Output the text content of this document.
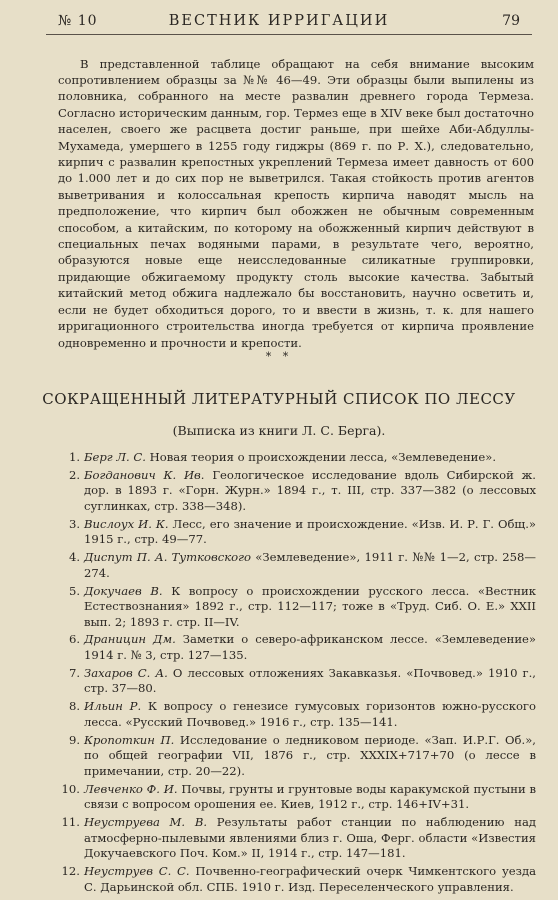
№ 10	ВЕСТНИК ИРРИГАЦИИ	79

В представленной таблице обращают на себя внимание высоким сопротивлением образцы за №№ 46—49. Эти образцы были выпилены из половника, собранного на месте развалин древнего города Термеза. Согласно историческим данным, гор. Термез еще в XIV веке был достаточно населен, своего же расцвета достиг раньше, при шейхе Аби-Абдуллы-Мухамеда, умершего в 1255 году гиджры (869 г. по Р. Х.), следовательно, кирпич с развалин крепостных укреплений Термеза имеет давность от 600 до 1.000 лет и до сих пор не выветрился. Такая стойкость против агентов выветривания и колоссальная крепость кирпича наводят мысль на предположение, что кирпич был обожжен не обычным современным способом, а китайским, по которому на обожженный кирпич действуют в специальных печах водяными парами, в результате чего, вероятно, образуются новые еще неисследованные силикатные группировки, придающие обжигаемому продукту столь высокие качества. Забытый китайский метод обжига надлежало бы восстановить, научно осветить и, если не будет обходиться дорого, то и ввести в жизнь, т. к. для нашего ирригационного строительства иногда требуется от кирпича проявление одновременно и прочности и крепости.

* *
СОКРАЩЕННЫЙ ЛИТЕРАТУРНЫЙ СПИСОК ПО ЛЕССУ
(Выписка из книги Л. С. Берга).
1. Берг Л. С. Новая теория о происхождении лесса, «Землеведение».
2. Богданович К. Ив. Геологическое исследование вдоль Сибирской ж. дор. в 1893 г. «Горн. Журн.» 1894 г., т. III, стр. 337—382 (о лессовых суглинках, стр. 338—348).
3. Вислоух И. К. Лесс, его значение и происхождение. «Изв. И. Р. Г. Общ.» 1915 г., стр. 49—77.
4. Диспут П. А. Тутковского «Землеведение», 1911 г. №№ 1—2, стр. 258—274.
5. Докучаев В. К вопросу о происхождении русского лесса. «Вестник Естествознания» 1892 г., стр. 112—117; тоже в «Труд. Сиб. О. Е.» XXII вып. 2; 1893 г. стр. II—IV.
6. Драницин Дм. Заметки о северо-африканском лессе. «Землеведение» 1914 г. № 3, стр. 127—135.
7. Захаров С. А. О лессовых отложениях Закавказья. «Почвовед.» 1910 г., стр. 37—80.
8. Ильин Р. К вопросу о генезисе гумусовых горизонтов южно-русского лесса. «Русский Почвовед.» 1916 г., стр. 135—141.
9. Кропоткин П. Исследование о ледниковом периоде. «Зап. И.Р.Г. Об.», по общей географии VII, 1876 г., стр. XXXIX+717+70 (о лессе в примечании, стр. 20—22).
10. Левченко Ф. И. Почвы, грунты и грунтовые воды каракумской пустыни в связи с вопросом орошения ее. Киев, 1912 г., стр. 146+IV+31.
11. Неуструева М. В. Результаты работ станции по наблюдению над атмосферно-пылевыми явлениями близ г. Оша, Ферг. области «Известия Докучаевского Поч. Ком.» II, 1914 г., стр. 147—181.
12. Неуструев С. С. Почвенно-географический очерк Чимкентского уезда С. Дарьинской обл. СПБ. 1910 г. Изд. Переселенческого управления.
